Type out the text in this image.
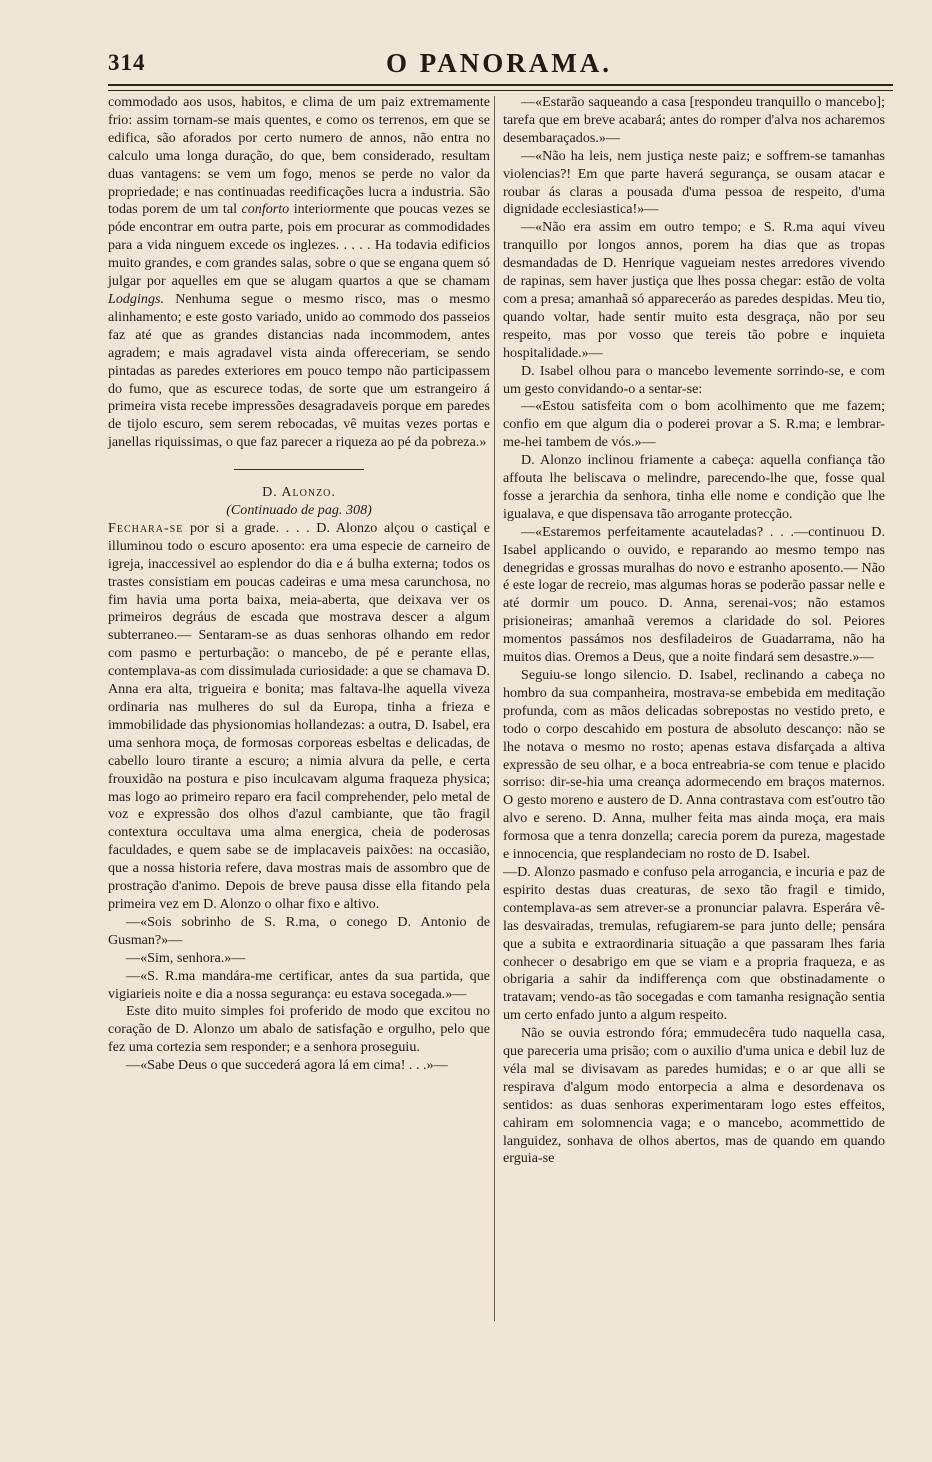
314	O PANORAMA.

commodado aos usos, habitos, e clima de um paiz extremamente frio: assim tornam-se mais quentes, e como os terrenos, em que se edifica, são aforados por certo numero de annos, não entra no calculo uma longa duração, do que, bem considerado, resultam duas vantagens: se vem um fogo, menos se perde no valor da propriedade; e nas continuadas reedificações lucra a industria. São todas porem de um tal conforto interiormente que poucas vezes se póde encontrar em outra parte, pois em procurar as commodidades para a vida ninguem excede os inglezes. . . . . Ha todavia edificios muito grandes, e com grandes salas, sobre o que se engana quem só julgar por aquelles em que se alugam quartos a que se chamam Lodgings. Nenhuma segue o mesmo risco, mas o mesmo alinhamento; e este gosto variado, unido ao commodo dos passeios faz até que as grandes distancias nada incommodem, antes agradem; e mais agradavel vista ainda offereceriam, se sendo pintadas as paredes exteriores em pouco tempo não participassem do fumo, que as escurece todas, de sorte que um estrangeiro á primeira vista recebe impressões desagradaveis porque em paredes de tijolo escuro, sem serem rebocadas, vê muitas vezes portas e janellas riquissimas, o que faz parecer a riqueza ao pé da pobreza.»

D. Alonzo.

(Continuado de pag. 308)

Fechara-se por si a grade. . . . D. Alonzo alçou o castiçal e illuminou todo o escuro aposento: era uma especie de carneiro de igreja, inaccessivel ao esplendor do dia e á bulha externa; todos os trastes consistiam em poucas cadeiras e uma mesa carunchosa, no fim havia uma porta baixa, meia-aberta, que deixava ver os primeiros degráus de escada que mostrava descer a algum subterraneo.— Sentaram-se as duas senhoras olhando em redor com pasmo e perturbação: o mancebo, de pé e perante ellas, contemplava-as com dissimulada curiosidade: a que se chamava D. Anna era alta, trigueira e bonita; mas faltava-lhe aquella viveza ordinaria nas mulheres do sul da Europa, tinha a frieza e immobilidade das physionomias hollandezas: a outra, D. Isabel, era uma senhora moça, de formosas corporeas esbeltas e delicadas, de cabello louro tirante a escuro; a nimia alvura da pelle, e certa frouxidão na postura e piso inculcavam alguma fraqueza physica; mas logo ao primeiro reparo era facil comprehender, pelo metal de voz e expressão dos olhos d'azul cambiante, que tão fragil contextura occultava uma alma energica, cheia de poderosas faculdades, e quem sabe se de implacaveis paixões: na occasião, que a nossa historia refere, dava mostras mais de assombro que de prostração d'animo. Depois de breve pausa disse ella fitando pela primeira vez em D. Alonzo o olhar fixo e altivo.

—«Sois sobrinho de S. R.ma, o conego D. Antonio de Gusman?»—

—«Sim, senhora.»—

—«S. R.ma mandára-me certificar, antes da sua partida, que vigiarieis noite e dia a nossa segurança: eu estava socegada.»—

Este dito muito simples foi proferido de modo que excitou no coração de D. Alonzo um abalo de satisfação e orgulho, pelo que fez uma cortezia sem responder; e a senhora proseguiu.

—«Sabe Deus o que succederá agora lá em cima! . . .»—

—«Estarão saqueando a casa [respondeu tranquillo o mancebo]; tarefa que em breve acabará; antes do romper d'alva nos acharemos desembaraçados.»—

—«Não ha leis, nem justiça neste paiz; e soffrem-se tamanhas violencias?! Em que parte haverá segurança, se ousam atacar e roubar ás claras a pousada d'uma pessoa de respeito, d'uma dignidade ecclesiastica!»—

—«Não era assim em outro tempo; e S. R.ma aqui viveu tranquillo por longos annos, porem ha dias que as tropas desmandadas de D. Henrique vagueiam nestes arredores vivendo de rapinas, sem haver justiça que lhes possa chegar: estão de volta com a presa; amanhaã só appareceráo as paredes despidas. Meu tio, quando voltar, hade sentir muito esta desgraça, não por seu respeito, mas por vosso que tereis tão pobre e inquieta hospitalidade.»—

D. Isabel olhou para o mancebo levemente sorrindo-se, e com um gesto convidando-o a sentar-se:

—«Estou satisfeita com o bom acolhimento que me fazem; confio em que algum dia o poderei provar a S. R.ma; e lembrar-me-hei tambem de vós.»—

D. Alonzo inclinou friamente a cabeça: aquella confiança tão affouta lhe beliscava o melindre, parecendo-lhe que, fosse qual fosse a jerarchia da senhora, tinha elle nome e condição que lhe igualava, e que dispensava tão arrogante protecção.

—«Estaremos perfeitamente acauteladas? . . .—continuou D. Isabel applicando o ouvido, e reparando ao mesmo tempo nas denegridas e grossas muralhas do novo e estranho aposento.— Não é este logar de recreio, mas algumas horas se poderão passar nelle e até dormir um pouco. D. Anna, serenai-vos; não estamos prisioneiras; amanhaã veremos a claridade do sol. Peiores momentos passámos nos desfiladeiros de Guadarrama, não ha muitos dias. Oremos a Deus, que a noite findará sem desastre.»—

Seguiu-se longo silencio. D. Isabel, reclinando a cabeça no hombro da sua companheira, mostrava-se embebida em meditação profunda, com as mãos delicadas sobrepostas no vestido preto, e todo o corpo descahido em postura de absoluto descanço: não se lhe notava o mesmo no rosto; apenas estava disfarçada a altiva expressão de seu olhar, e a boca entreabria-se com tenue e placido sorriso: dir-se-hia uma creança adormecendo em braços maternos. O gesto moreno e austero de D. Anna contrastava com est'outro tão alvo e sereno. D. Anna, mulher feita mas ainda moça, era mais formosa que a tenra donzella; carecia porem da pureza, magestade e innocencia, que resplandeciam no rosto de D. Isabel.

—D. Alonzo pasmado e confuso pela arrogancia, e incuria e paz de espirito destas duas creaturas, de sexo tão fragil e timido, contemplava-as sem atrever-se a pronunciar palavra. Esperára vê-las desvairadas, tremulas, refugiarem-se para junto delle; pensára que a subita e extraordinaria situação a que passaram lhes faria conhecer o desabrigo em que se viam e a propria fraqueza, e as obrigaria a sahir da indifferença com que obstinadamente o tratavam; vendo-as tão socegadas e com tamanha resignação sentia um certo enfado junto a algum respeito.

Não se ouvia estrondo fóra; emmudecêra tudo naquella casa, que pareceria uma prisão; com o auxilio d'uma unica e debil luz de véla mal se divisavam as paredes humidas; e o ar que alli se respirava d'algum modo entorpecia a alma e desordenava os sentidos: as duas senhoras experimentaram logo estes effeitos, cahiram em solomnencia vaga; e o mancebo, acommettido de languidez, sonhava de olhos abertos, mas de quando em quando erguia-se
